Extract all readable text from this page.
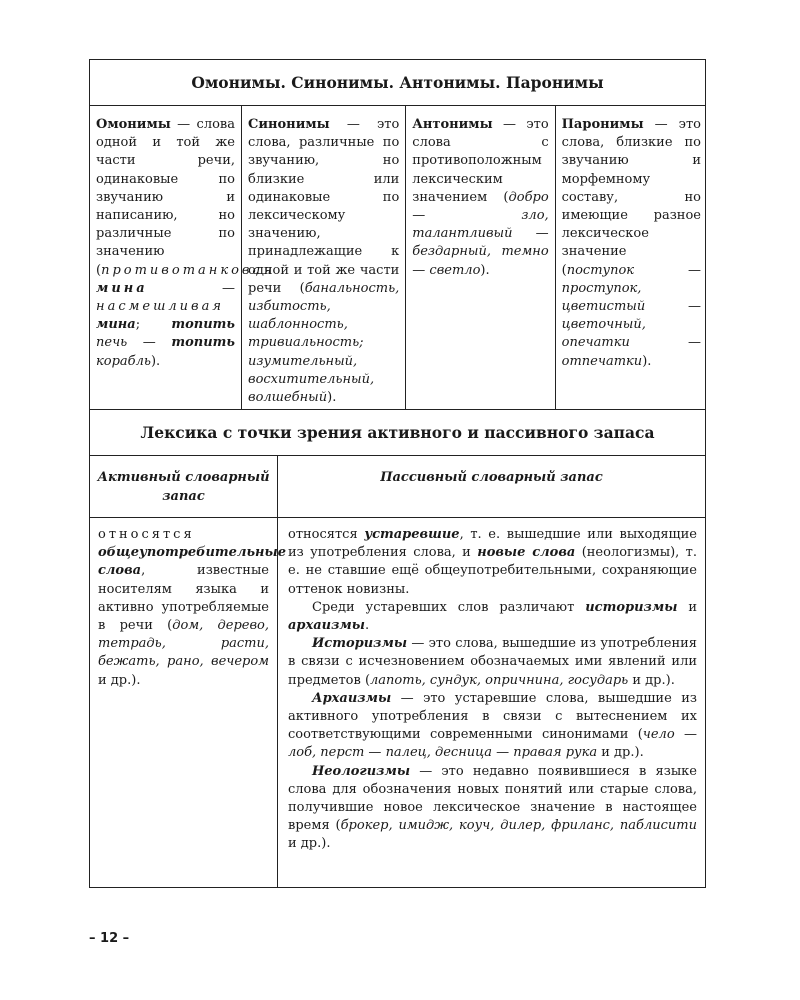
Омонимы. Синонимы. Антонимы. Паронимы
Омонимы — слова одной и той же части речи, одинаковые по звучанию и написанию, но различные по значению (противотанковая мина — насмешливая мина; топить печь — топить корабль).
Синонимы — это слова, различные по звучанию, но близкие или одинаковые по лексическому значению, принадлежащие к одной и той же части речи (банальность, избитость, шаблонность, тривиальность; изумительный, восхитительный, волшебный).
Антонимы — это слова с противоположным лексическим значением (добро — зло, талантливый — бездарный, темно — светло).
Паронимы — это слова, близкие по звучанию и морфемному составу, но имеющие разное лексическое значение (поступок — проступок, цветистый — цветочный, опечатки — отпечатки).
Лексика с точки зрения активного и пассивного запаса
Активный словарный запас
относятся общеупотребительные слова, известные носителям языка и активно употребляемые в речи (дом, дерево, тетрадь, расти, бежать, рано, вечером и др.).
Пассивный словарный запас

относятся устаревшие, т. е. вышедшие или выходящие из употребления слова, и новые слова (неологизмы), т. е. не ставшие ещё общеупотребительными, сохраняющие оттенок новизны.

Среди устаревших слов различают историзмы и архаизмы.

Историзмы — это слова, вышедшие из употребления в связи с исчезновением обозначаемых ими явлений или предметов (лапоть, сундук, опричнина, государь и др.).

Архаизмы — это устаревшие слова, вышедшие из активного употребления в связи с вытеснением их соответствующими современными синонимами (чело — лоб, перст — палец, десница — правая рука и др.).

Неологизмы — это недавно появившиеся в языке слова для обозначения новых понятий или старые слова, получившие новое лексическое значение в настоящее время (брокер, имидж, коуч, дилер, фриланс, паблисити и др.).

– 12 –
